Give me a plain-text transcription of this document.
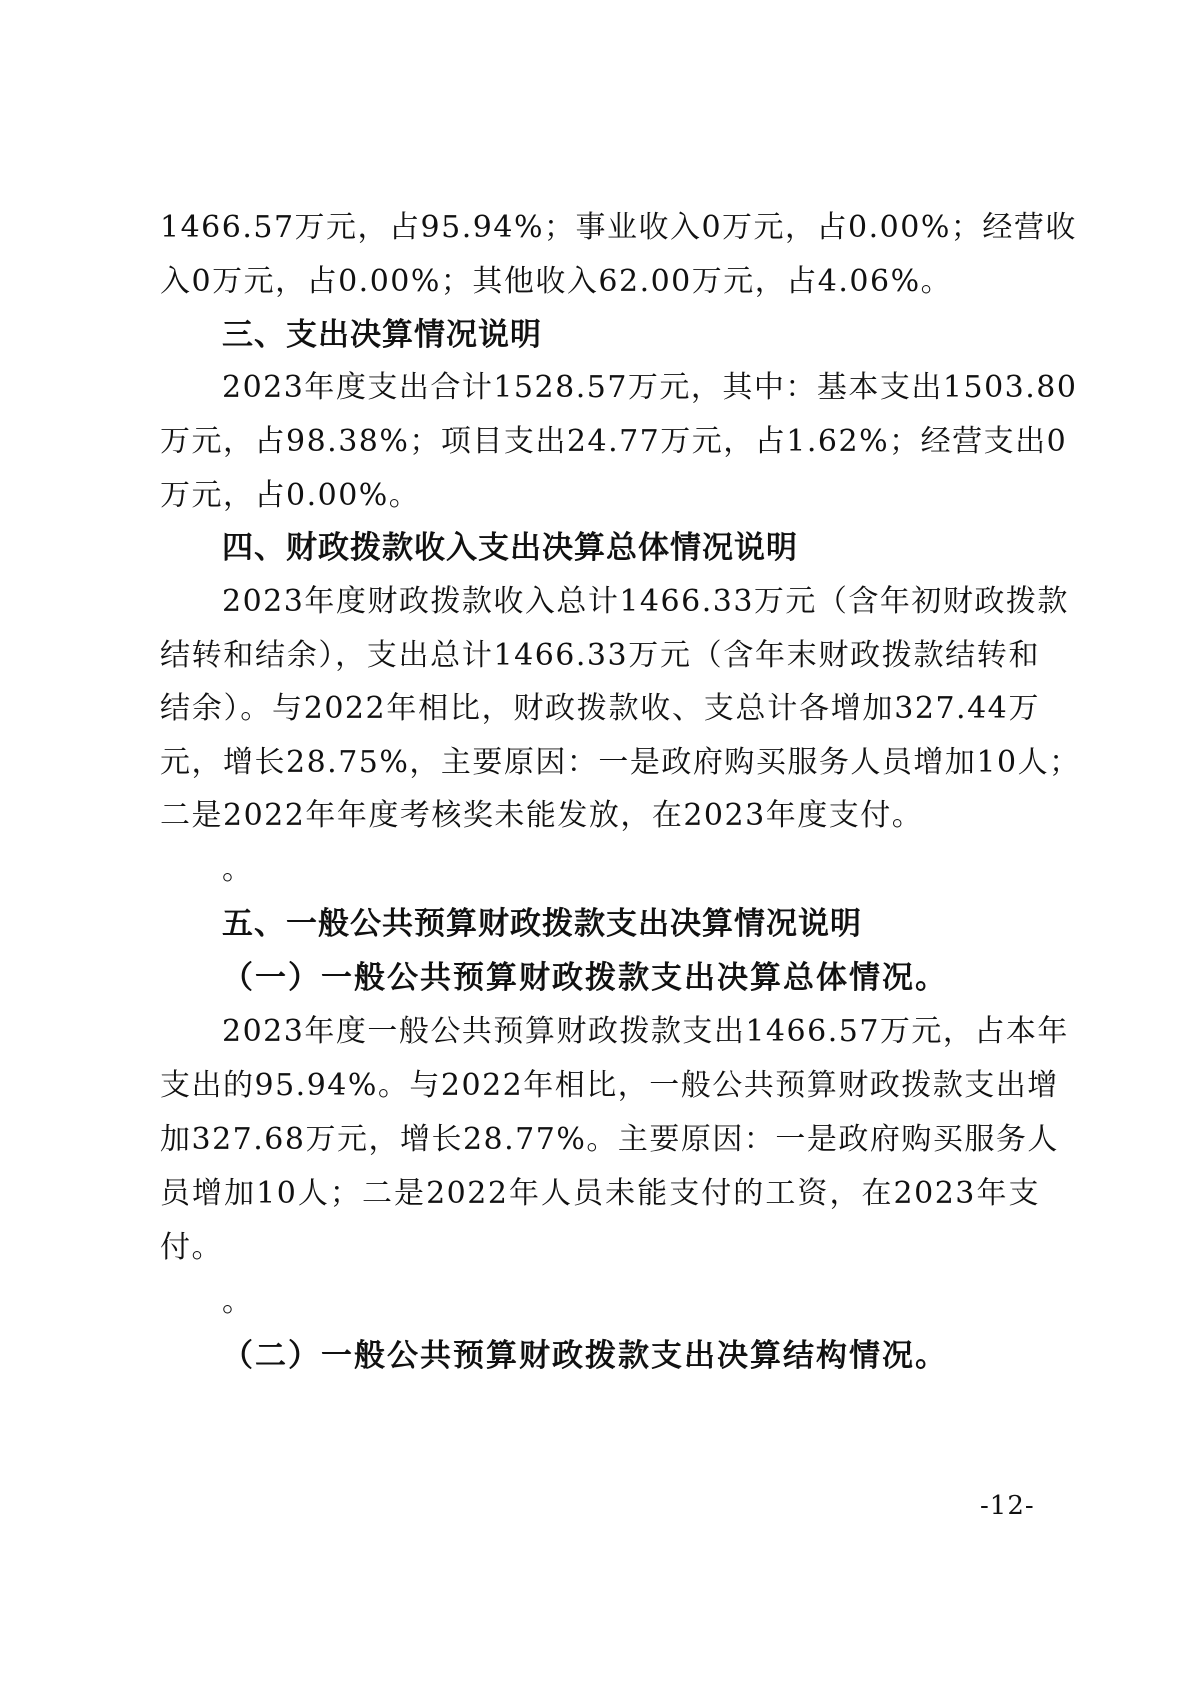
1466.57万元，占95.94%；事业收入0万元，占0.00%；经营收
入0万元，占0.00%；其他收入62.00万元，占4.06%。
三、支出决算情况说明
2023年度支出合计1528.57万元，其中：基本支出1503.80
万元，占98.38%；项目支出24.77万元，占1.62%；经营支出0
万元，占0.00%。
四、财政拨款收入支出决算总体情况说明
2023年度财政拨款收入总计1466.33万元（含年初财政拨款
结转和结余），支出总计1466.33万元（含年末财政拨款结转和
结余）。与2022年相比，财政拨款收、支总计各增加327.44万
元，增长28.75%，主要原因：一是政府购买服务人员增加10人；
二是2022年年度考核奖未能发放，在2023年度支付。
。
五、一般公共预算财政拨款支出决算情况说明
（一）一般公共预算财政拨款支出决算总体情况。
2023年度一般公共预算财政拨款支出1466.57万元，占本年
支出的95.94%。与2022年相比，一般公共预算财政拨款支出增
加327.68万元，增长28.77%。主要原因：一是政府购买服务人
员增加10人；二是2022年人员未能支付的工资，在2023年支
付。
。
（二）一般公共预算财政拨款支出决算结构情况。
-12-
